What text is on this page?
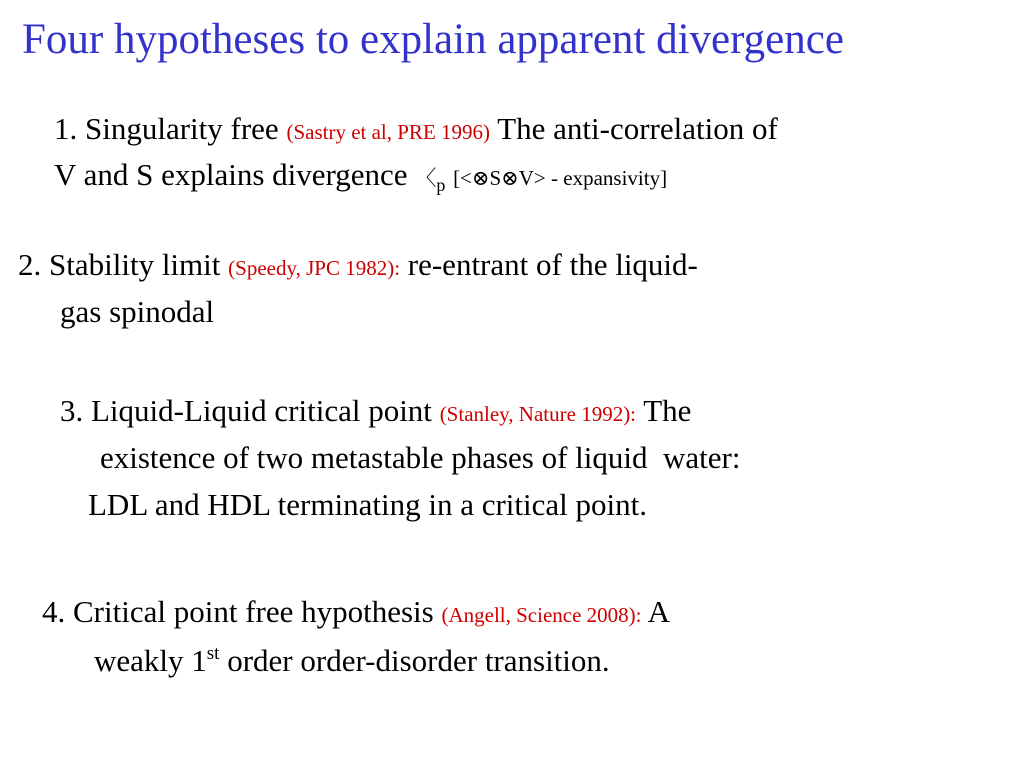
Four hypotheses to explain apparent divergence
1. Singularity free (Sastry et al, PRE 1996) The anti-correlation of
V and S explains divergence 〈$_p$ [<⊗S⊗V> - expansivity]
2. Stability limit (Speedy, JPC 1982): re-entrant of the liquid-
gas spinodal
3. Liquid-Liquid critical point (Stanley, Nature 1992): The
existence of two metastable phases of liquid  water:
LDL and HDL terminating in a critical point.
4. Critical point free hypothesis (Angell, Science 2008): A
weakly 1st order order-disorder transition.
